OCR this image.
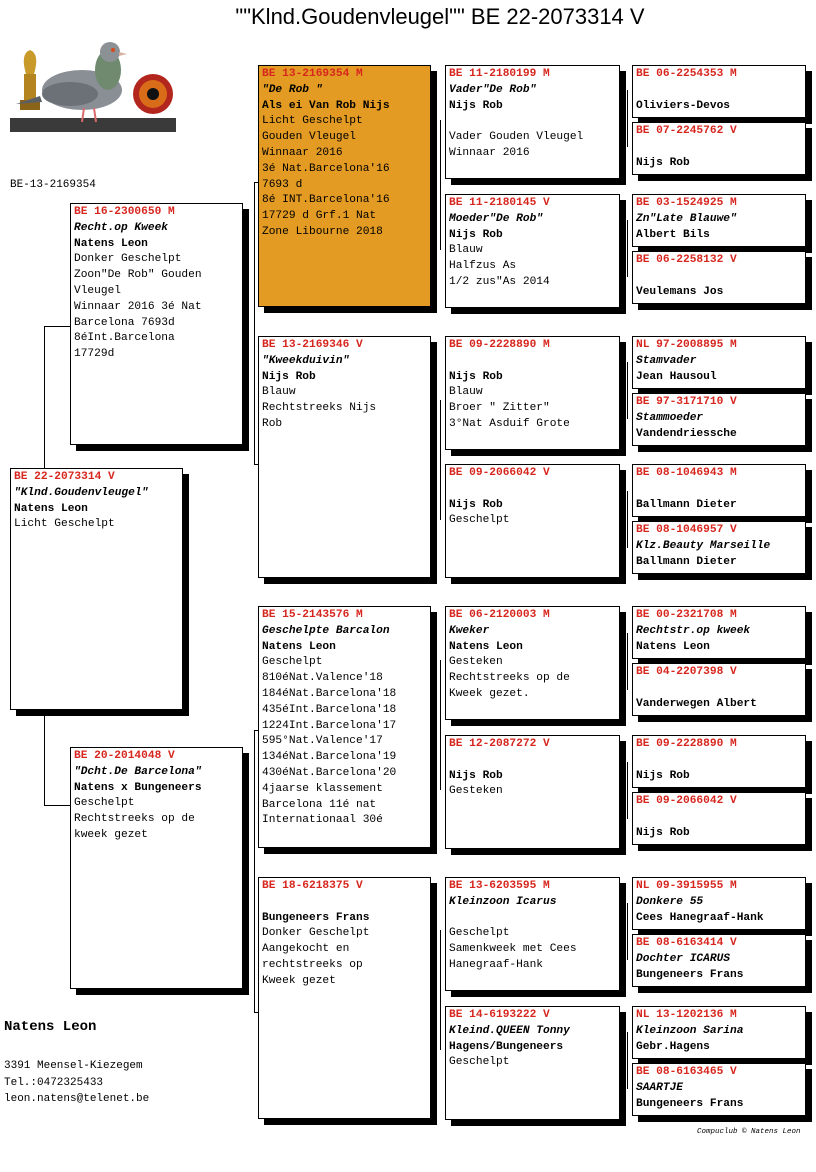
""Klnd.Goudenvleugel"" BE 22-2073314 V
BE-13-2169354
BE 22-2073314 V
"Klnd.Goudenvleugel"
Natens Leon
Licht Geschelpt
BE 16-2300650 M
Recht.op Kweek
Natens Leon
Donker Geschelpt
Zoon"De Rob" Gouden
Vleugel
Winnaar 2016 3é Nat
Barcelona 7693d
8éInt.Barcelona
17729d
BE 20-2014048 V
"Dcht.De Barcelona"
Natens x Bungeneers
Geschelpt
Rechtstreeks op de
kweek gezet
BE 13-2169354 M
"De Rob "
Als ei Van Rob Nijs
Licht Geschelpt
Gouden Vleugel
Winnaar 2016
3é Nat.Barcelona'16
7693 d
8é INT.Barcelona'16
17729 d Grf.1 Nat
Zone Libourne 2018
BE 13-2169346 V
"Kweekduivin"
Nijs Rob
Blauw
Rechtstreeks Nijs
Rob
BE 15-2143576 M
Geschelpte Barcalon
Natens Leon
Geschelpt
810éNat.Valence'18
184éNat.Barcelona'18
435éInt.Barcelona'18
1224Int.Barcelona'17
595°Nat.Valence'17
134éNat.Barcelona'19
430éNat.Barcelona'20
4jaarse klassement
Barcelona 11é nat
Internationaal 30é
BE 18-6218375 V
Bungeneers Frans
Donker Geschelpt
Aangekocht en
rechtstreeks op
Kweek gezet
BE 11-2180199 M
Vader"De Rob"
Nijs Rob
Vader Gouden Vleugel
Winnaar 2016
BE 11-2180145 V
Moeder"De Rob"
Nijs Rob
Blauw
Halfzus As
1/2 zus"As 2014
BE 09-2228890 M
Nijs Rob
Blauw
Broer " Zitter"
3°Nat Asduif Grote
BE 09-2066042 V
Nijs Rob
Geschelpt
BE 06-2120003 M
Kweker
Natens Leon
Gesteken
Rechtstreeks op de
Kweek gezet.
BE 12-2087272 V
Nijs Rob
Gesteken
BE 13-6203595 M
Kleinzoon Icarus
Geschelpt
Samenkweek met Cees
Hanegraaf-Hank
BE 14-6193222 V
Kleind.QUEEN Tonny
Hagens/Bungeneers
Geschelpt
BE 06-2254353 M
Oliviers-Devos
BE 07-2245762 V
Nijs Rob
BE 03-1524925 M
Zn"Late Blauwe"
Albert Bils
BE 06-2258132 V
Veulemans Jos
NL 97-2008895 M
Stamvader
Jean Hausoul
BE 97-3171710 V
Stammoeder
Vandendriessche
BE 08-1046943 M
Ballmann Dieter
BE 08-1046957 V
Klz.Beauty Marseille
Ballmann Dieter
BE 00-2321708 M
Rechtstr.op kweek
Natens Leon
BE 04-2207398 V
Vanderwegen Albert
BE 09-2228890 M
Nijs Rob
BE 09-2066042 V
Nijs Rob
NL 09-3915955 M
Donkere 55
Cees Hanegraaf-Hank
BE 08-6163414 V
Dochter ICARUS
Bungeneers Frans
NL 13-1202136 M
Kleinzoon Sarina
Gebr.Hagens
BE 08-6163465 V
SAARTJE
Bungeneers Frans
Natens Leon
3391 Meensel-Kiezegem
Tel.:0472325433
leon.natens@telenet.be
Compuclub © Natens Leon
